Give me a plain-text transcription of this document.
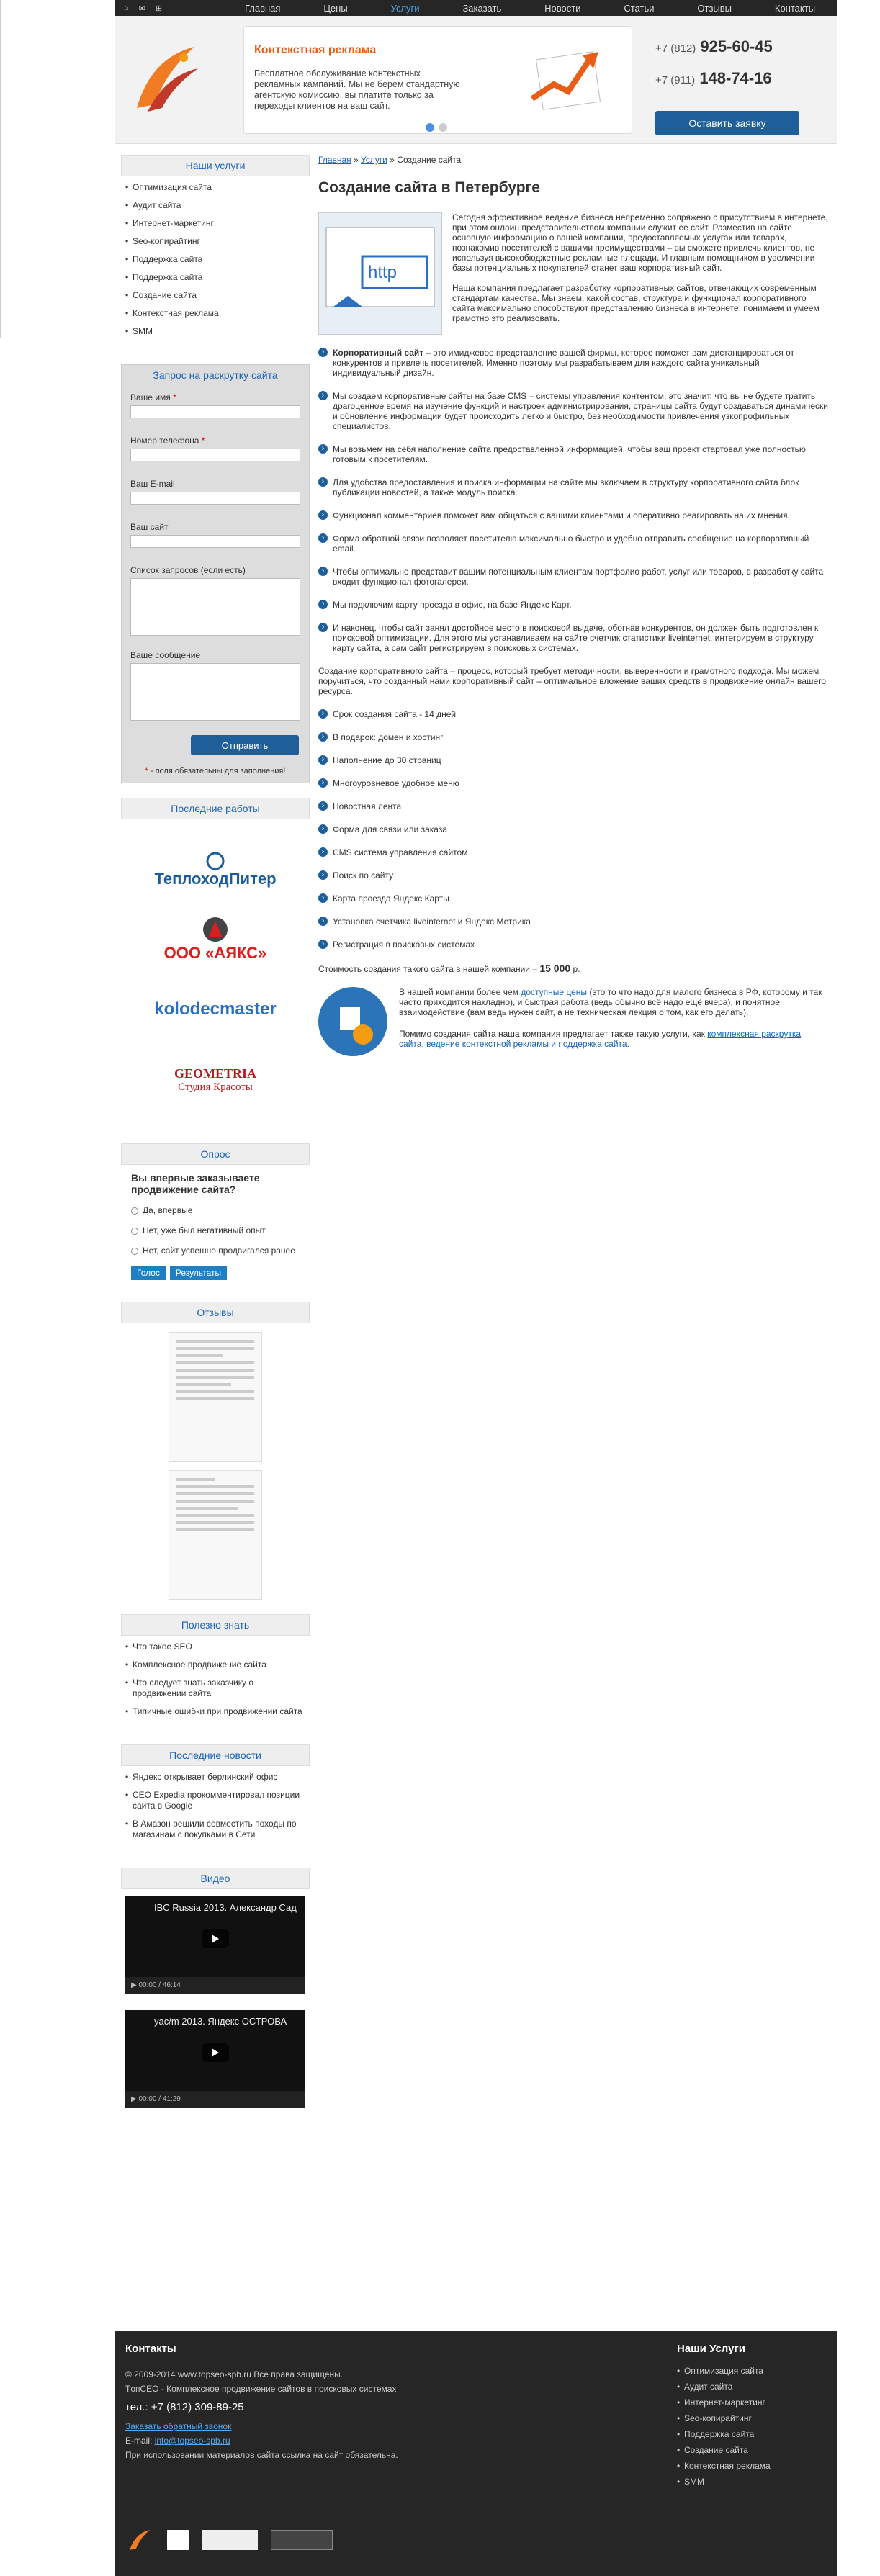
⌂ ✉ ⊞	Главная	Цены	Услуги	Заказать	Новости	Статьи	Отзывы	Контакты
Контекстная реклама

Бесплатное обслуживание контекстных рекламных кампаний. Мы не берем стандартную агентскую комиссию, вы платите только за переходы клиентов на ваш сайт.

+7 (812) 925-60-45
+7 (911) 148-74-16
Оставить заявку
Наши услуги
• Оптимизация сайта
• Аудит сайта
• Интернет-маркетинг
• Seo-копирайтинг
• Поддержка сайта
• Поддержка сайта
• Создание сайта
• Контекстная реклама
• SMM
Запрос на раскрутку сайта
Ваше имя *
Номер телефона *
Ваш E-mail
Ваш сайт
Список запросов (если есть)
Ваше сообщение
Отправить
* - поля обязательны для заполнения!
Последние работы
ТеплоходПитер
ООО «АЯКС»
kolodecmaster
GEOMETRIA
Студия Красоты
Опрос
Вы впервые заказываете продвижение сайта?
Да, впервые
Нет, уже был негативный опыт
Нет, сайт успешно продвигался ранее
Голос	Результаты
Отзывы
Полезно знать
• Что такое SEO
• Комплексное продвижение сайта
• Что следует знать заказчику о продвижении сайта
• Типичные ошибки при продвижении сайта
Последние новости
• Яндекс открывает берлинский офис
• CEO Expedia прокомментировал позиции сайта в Google
• В Амазон решили совместить походы по магазинам с покупками в Сети
Видео
IBC Russia 2013. Александр Сад
▶ 00:00 / 46:14
yac/m 2013. Яндекс ОСТРОВА
▶ 00:00 / 41:29
Главная » Услуги » Создание сайта
Создание сайта в Петербурге
http

Сегодня эффективное ведение бизнеса непременно сопряжено с присутствием в интернете, при этом онлайн представительством компании служит ее сайт. Разместив на сайте основную информацию о вашей компании, предоставляемых услугах или товарах, познакомив посетителей с вашими преимуществами – вы сможете привлечь клиентов, не используя высокобюджетные рекламные площади. И главным помощником в увеличении базы потенциальных покупателей станет ваш корпоративный сайт.

Наша компания предлагает разработку корпоративных сайтов, отвечающих современным стандартам качества. Мы знаем, какой состав, структура и функционал корпоративного сайта максимально способствуют представлению бизнеса в интернете, понимаем и умеем грамотно это реализовать.

› Корпоративный сайт – это имиджевое представление вашей фирмы, которое поможет вам дистанцироваться от конкурентов и привлечь посетителей. Именно поэтому мы разрабатываем для каждого сайта уникальный индивидуальный дизайн.
› Мы создаем корпоративные сайты на базе CMS – системы управления контентом, это значит, что вы не будете тратить драгоценное время на изучение функций и настроек администрирования, страницы сайта будут создаваться динамически и обновление информации будет происходить легко и быстро, без необходимости привлечения узкопрофильных специалистов.
› Мы возьмем на себя наполнение сайта предоставленной информацией, чтобы ваш проект стартовал уже полностью готовым к посетителям.
› Для удобства предоставления и поиска информации на сайте мы включаем в структуру корпоративного сайта блок публикации новостей, а также модуль поиска.
› Функционал комментариев поможет вам общаться с вашими клиентами и оперативно реагировать на их мнения.
› Форма обратной связи позволяет посетителю максимально быстро и удобно отправить сообщение на корпоративный email.
› Чтобы оптимально представит вашим потенциальным клиентам портфолио работ, услуг или товаров, в разработку сайта входит функционал фотогалереи.
› Мы подключим карту проезда в офис, на базе Яндекс Карт.
› И наконец, чтобы сайт занял достойное место в поисковой выдаче, обогнав конкурентов, он должен быть подготовлен к поисковой оптимизации. Для этого мы устанавливаем на сайте счетчик статистики liveinternet, интегрируем в структуру карту сайта, а сам сайт регистрируем в поисковых системах.
Создание корпоративного сайта – процесс, который требует методичности, выверенности и грамотного подхода. Мы можем поручиться, что созданный нами корпоративный сайт – оптимальное вложение ваших средств в продвижение онлайн вашего ресурса.
› Срок создания сайта - 14 дней
› В подарок: домен и хостинг
› Наполнение до 30 страниц
› Многоуровневое удобное меню
› Новостная лента
› Форма для связи или заказа
› CMS система управления сайтом
› Поиск по сайту
› Карта проезда Яндекс Карты
› Установка счетчика liveinternet и Яндекс Метрика
› Регистрация в поисковых системах
Стоимость создания такого сайта в нашей компании – 15 000 р.

В нашей компании более чем доступные цены (это то что надо для малого бизнеса в РФ, которому и так часто приходится накладно), и быстрая работа (ведь обычно всё надо ещё вчера), и понятное взаимодействие (вам ведь нужен сайт, а не техническая лекция о том, как его делать).

Помимо создания сайта наша компания предлагает также такую услуги, как комплексная раскрутка сайта, ведение контекстной рекламы и поддержка сайта.

Контакты
© 2009-2014 www.topseo-spb.ru Все права защищены.
TопСЕО - Комплексное продвижение сайтов в поисковых системах
тел.: +7 (812) 309-89-25
Заказать обратный звонок
E-mail: info@topseo-spb.ru
При использовании материалов сайта ссылка на сайт обязательна.
Наши Услуги
• Оптимизация сайта
• Аудит сайта
• Интернет-маркетинг
• Seo-копирайтинг
• Поддержка сайта
• Создание сайта
• Контекстная реклама
• SMM
